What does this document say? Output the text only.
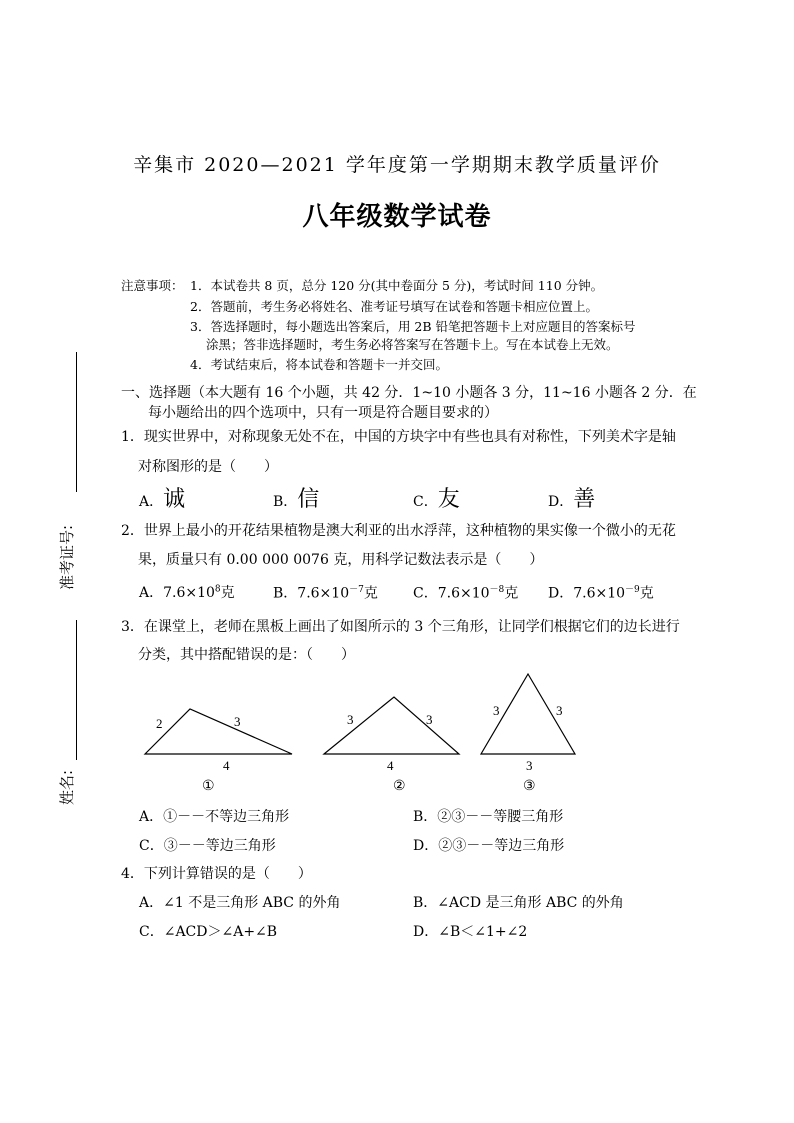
辛集市 2020—2021 学年度第一学期期末教学质量评价
八年级数学试卷
注意事项： 1．本试卷共 8 页，总分 120 分(其中卷面分 5 分)，考试时间 110 分钟。
2．答题前，考生务必将姓名、准考证号填写在试卷和答题卡相应位置上。
3．答选择题时，每小题选出答案后，用 2B 铅笔把答题卡上对应题目的答案标号
涂黑；答非选择题时，考生务必将答案写在答题卡上。写在本试卷上无效。
4．考试结束后，将本试卷和答题卡一并交回。
准考证号:
姓名:
一、选择题（本大题有 16 个小题，共 42 分．1~10 小题各 3 分，11~16 小题各 2 分．在
每小题给出的四个选项中，只有一项是符合题目要求的）
1．现实世界中，对称现象无处不在，中国的方块字中有些也具有对称性，下列美术字是轴
对称图形的是（　　）
A．诚	B．信	C．友	D．善
2．世界上最小的开花结果植物是澳大利亚的出水浮萍，这种植物的果实像一个微小的无花
果，质量只有 0.00 000 0076 克，用科学记数法表示是（　　）
A．$7.6\times 10^8$克	B．$7.6\times 10^{-7}$克	C．$7.6\times 10^{-8}$克 D．$7.6\times 10^{-9}$克
3．在课堂上，老师在黑板上画出了如图所示的 3 个三角形，让同学们根据它们的边长进行
分类，其中搭配错误的是：（　　）
2	3
4
①
3	3
4
②
3	3
3
③
A．①－－不等边三角形	B．②③－－等腰三角形
C．③－－等边三角形	D．②③－－等边三角形
4．下列计算错误的是（　　）
A．∠1 不是三角形 ABC 的外角	B．∠ACD 是三角形 ABC 的外角
C．∠ACD＞∠A+∠B	D．∠B＜∠1+∠2
